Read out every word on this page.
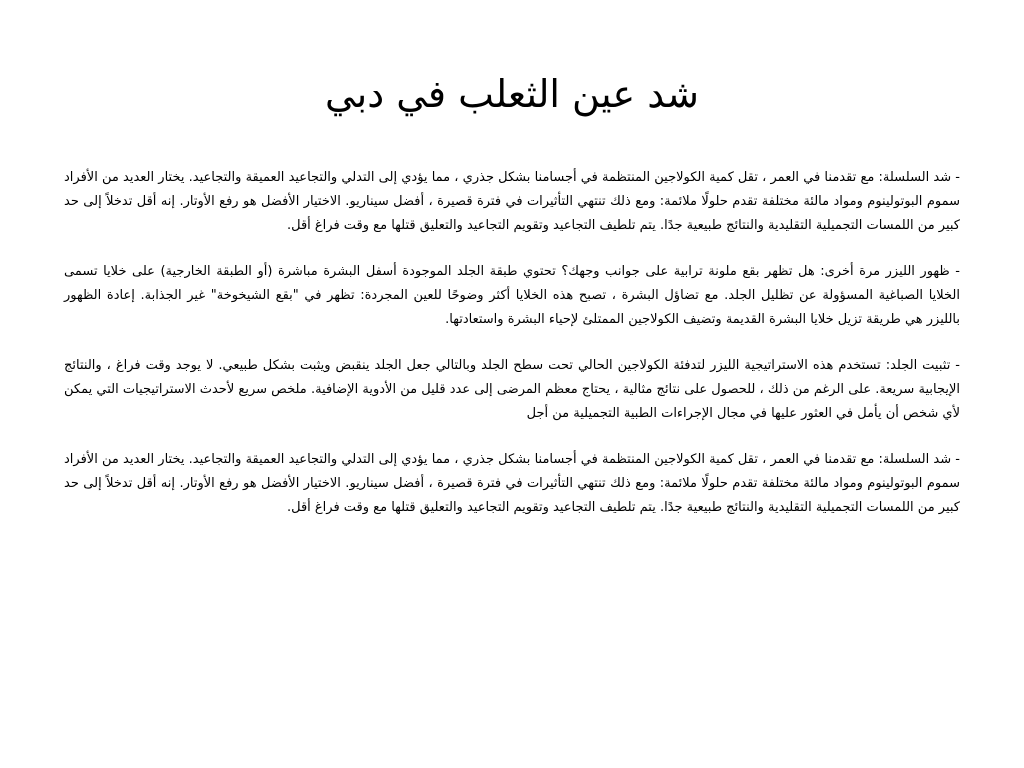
شد عين الثعلب في دبي

- شد السلسلة: مع تقدمنا في العمر ، تقل كمية الكولاجين المنتظمة في أجسامنا بشكل جذري ، مما يؤدي إلى التدلي والتجاعيد العميقة والتجاعيد. يختار العديد من الأفراد سموم البوتولينوم ومواد مالئة مختلفة تقدم حلولًا ملائمة: ومع ذلك تنتهي التأثيرات في فترة قصيرة ، أفضل سيناريو. الاختيار الأفضل هو رفع الأوتار. إنه أقل تدخلاً إلى حد كبير من اللمسات التجميلية التقليدية والنتائج طبيعية جدًا. يتم تلطيف التجاعيد وتقويم التجاعيد والتعليق قتلها مع وقت فراغ أقل.

- ظهور الليزر مرة أخرى: هل تظهر بقع ملونة ترابية على جوانب وجهك؟ تحتوي طبقة الجلد الموجودة أسفل البشرة مباشرة (أو الطبقة الخارجية) على خلايا تسمى الخلايا الصباغية المسؤولة عن تظليل الجلد. مع تضاؤل البشرة ، تصبح هذه الخلايا أكثر وضوحًا للعين المجردة: تظهر في "بقع الشيخوخة" غير الجذابة. إعادة الظهور بالليزر هي طريقة تزيل خلايا البشرة القديمة وتضيف الكولاجين الممتلئ لإحياء البشرة واستعادتها.

- تثبيت الجلد: تستخدم هذه الاستراتيجية الليزر لتدفئة الكولاجين الحالي تحت سطح الجلد وبالتالي جعل الجلد ينقبض ويثبت بشكل طبيعي. لا يوجد وقت فراغ ، والنتائج الإيجابية سريعة. على الرغم من ذلك ، للحصول على نتائج مثالية ، يحتاج معظم المرضى إلى عدد قليل من الأدوية الإضافية. ملخص سريع لأحدث الاستراتيجيات التي يمكن لأي شخص أن يأمل في العثور عليها في مجال الإجراءات الطبية التجميلية من أجل

- شد السلسلة: مع تقدمنا في العمر ، تقل كمية الكولاجين المنتظمة في أجسامنا بشكل جذري ، مما يؤدي إلى التدلي والتجاعيد العميقة والتجاعيد. يختار العديد من الأفراد سموم البوتولينوم ومواد مالئة مختلفة تقدم حلولًا ملائمة: ومع ذلك تنتهي التأثيرات في فترة قصيرة ، أفضل سيناريو. الاختيار الأفضل هو رفع الأوتار. إنه أقل تدخلاً إلى حد كبير من اللمسات التجميلية التقليدية والنتائج طبيعية جدًا. يتم تلطيف التجاعيد وتقويم التجاعيد والتعليق قتلها مع وقت فراغ أقل.
